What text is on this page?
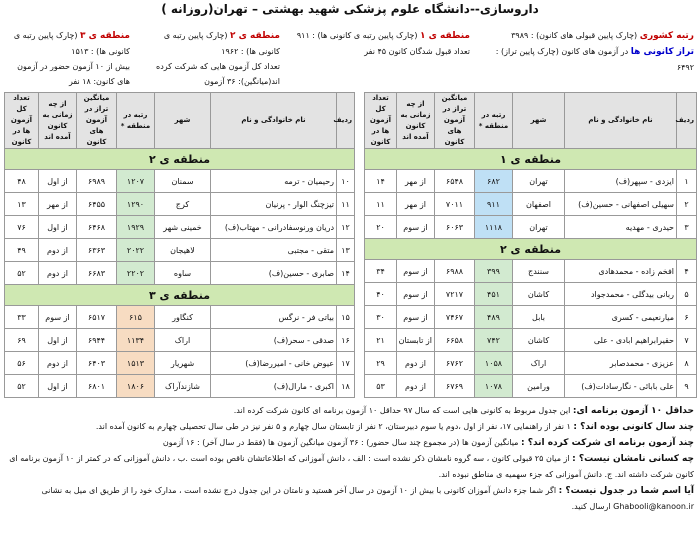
داروسازی--دانشگاه علوم پزشکی شهید بهشتی – تهران(روزانه )
رتبه کشوری (چارک پایین قبولی های کانون) : ۳۹۸۹
تراز کانونی ها در آزمون های کانون (چارک پایین تراز) : ۶۴۹۲
منطقه ی ۱ (چارک پایین رتبه ی کانونی ها) : ۹۱۱
تعداد قبول شدگان کانون ۴۵ نفر
منطقه ی ۲ (چارک پایین رتبه ی کانونی ها) : ۱۹۶۲
تعداد کل آزمون هایی که شرکت کرده اند(میانگین): ۳۶ آزمون
منطقه ی ۳ (چارک پایین رتبه ی کانونی ها) : ۱۵۱۳
بیش از ۱۰ آزمون حضور در آزمون های کانون: ۱۸ نفر
ردیف	نام خانوادگی و نام	شهر	رتبه در منطقه *	میانگین تراز در آزمون های کانون	از چه زمانی به کانون آمده اند	تعداد کل آزمون ها در کانون
منطقه ی ۱						
۱	ایزدی - سپهر(ف)	تهران	۶۸۲	۶۵۴۸	از مهر	۱۴
۲	سهیلی اصفهانی - حسین(ف)	اصفهان	۹۱۱	۷۰۱۱	از مهر	۱۱
۳	حیدری - مهدیه	تهران	۱۱۱۸	۶۰۶۳	از سوم	۲۰
منطقه ی ۲						
۴	افخم زاده - محمدهادی	سنندج	۳۹۹	۶۹۸۸	از سوم	۳۴
۵	ربانی بیدگلی - محمدجواد	کاشان	۴۵۱	۷۲۱۷	از سوم	۴۰
۶	میارنعیمی - کسری	بابل	۴۸۹	۷۴۶۷	از سوم	۳۰
۷	حقیرابراهیم ابادی - علی	کاشان	۷۴۲	۶۶۵۸	از تابستان	۲۱
۸	عزیزی - محمدصابر	اراک	۱۰۵۸	۶۷۶۲	از دوم	۲۹
۹	علی بابائی - نگارسادات(ف)	ورامین	۱۰۷۸	۶۷۶۹	از دوم	۵۳
ردیف	نام خانوادگی و نام	شهر	رتبه در منطقه *	میانگین تراز در آزمون های کانون	از چه زمانی به کانون آمده اند	تعداد کل آزمون ها در کانون
منطقه ی ۲						
۱۰	رحیمیان - ترمه	سمنان	۱۲۰۷	۶۹۸۹	از اول	۴۸
۱۱	تیزچنگ الوار - پرنیان	کرج	۱۲۹۰	۶۴۵۵	از مهر	۱۳
۱۲	دریان ورنوسفادرانی - مهتاب(ف)	خمینی شهر	۱۹۲۹	۶۴۶۸	از اول	۷۶
۱۳	متقی - مجتبی	لاهیجان	۲۰۲۲	۶۳۶۳	از دوم	۴۹
۱۴	صابری - حسین(ف)	ساوه	۲۲۰۲	۶۶۸۳	از دوم	۵۲
منطقه ی ۳						
۱۵	بیاتی فر - نرگس	کنگاور	۶۱۵	۶۵۱۷	از سوم	۳۳
۱۶	صدقی - سحر(ف)	اراک	۱۱۳۴	۶۹۴۴	از اول	۶۹
۱۷	عیوض خانی - امیررضا(ف)	شهریار	۱۵۱۳	۶۴۰۳	از دوم	۵۶
۱۸	اکبری - مارال(ف)	شازندآراک	۱۸۰۶	۶۸۰۱	از اول	۵۲

حداقل ۱۰ آزمون برنامه ای: این جدول مربوط به کانونی هایی است که سال ۹۷ حداقل ۱۰ آزمون برنامه ای کانون شرکت کرده اند.

چند سال کانونی بوده اند؟ : ۱ نفر از راهنمایی ۱۷، نفر از اول ،دوم یا سوم دبیرستان، ۲ نفر از تابستان سال چهارم و ۵ نفر نیز در طی سال تحصیلی چهارم به کانون آمده اند.

چند آزمون برنامه ای شرکت کرده اند؟ : میانگین آزمون ها (در مجموع چند سال حضور) : ۳۶ آزمون میانگین آزمون ها (فقط در سال آخر) : ۱۶ آزمون

چه کسانی نامشان نیست؟ : از میان ۲۵ قبولی کانون ، سه گروه نامشان ذکر نشده است : الف ، دانش آموزانی که اطلاعاتشان ناقص بوده است .ب ، دانش آموزانی که در کمتر از ۱۰ آزمون برنامه ای

کانون شرکت داشته اند. ج. دانش آموزانی که جزء سهمیه ی مناطق نبوده اند.

آیا اسم شما در جدول نیست؟ : اگر شما جزء دانش آموزان کانونی با بیش از ۱۰ آزمون در سال آخر هستید و نامتان در این جدول درج نشده است ، مدارک خود را از طریق ای میل به نشانی

Ghabooli@kanoon.ir ارسال کنید.
